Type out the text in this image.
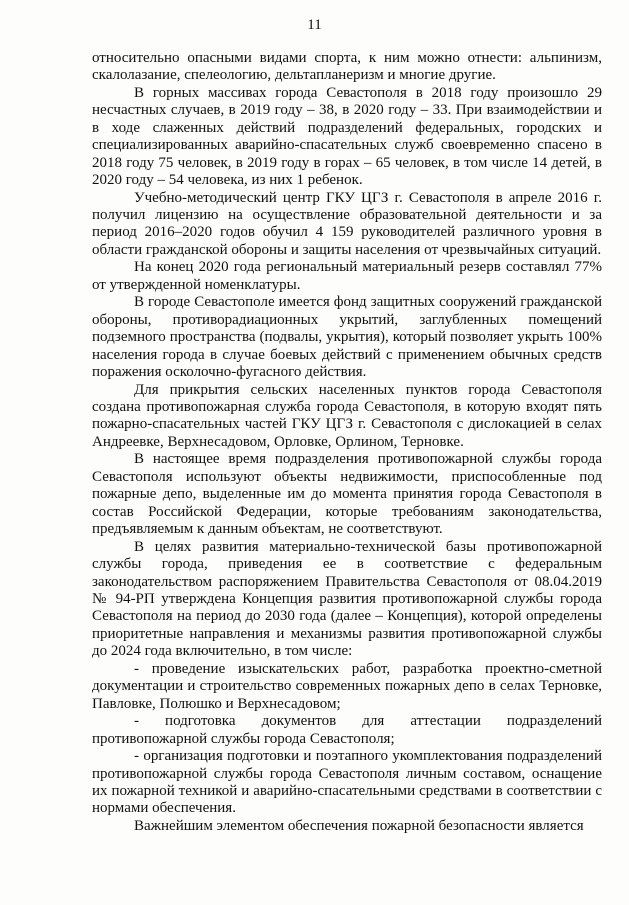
11

относительно опасными видами спорта, к ним можно отнести: альпинизм, скалолазание, спелеологию, дельтапланеризм и многие другие.

В горных массивах города Севастополя в 2018 году произошло 29 несчастных случаев, в 2019 году – 38, в 2020 году – 33. При взаимодействии и в ходе слаженных действий подразделений федеральных, городских и специализированных аварийно-спасательных служб своевременно спасено в 2018 году 75 человек, в 2019 году в горах – 65 человек, в том числе 14 детей, в 2020 году – 54 человека, из них 1 ребенок.

Учебно-методический центр ГКУ ЦГЗ г. Севастополя в апреле 2016 г. получил лицензию на осуществление образовательной деятельности и за период 2016–2020 годов обучил 4 159 руководителей различного уровня в области гражданской обороны и защиты населения от чрезвычайных ситуаций.

На конец 2020 года региональный материальный резерв составлял 77% от утвержденной номенклатуры.

В городе Севастополе имеется фонд защитных сооружений гражданской обороны, противорадиационных укрытий, заглубленных помещений подземного пространства (подвалы, укрытия), который позволяет укрыть 100% населения города в случае боевых действий с применением обычных средств поражения осколочно-фугасного действия.

Для прикрытия сельских населенных пунктов города Севастополя создана противопожарная служба города Севастополя, в которую входят пять пожарно-спасательных частей ГКУ ЦГЗ г. Севастополя с дислокацией в селах Андреевке, Верхнесадовом, Орловке, Орлином, Терновке.

В настоящее время подразделения противопожарной службы города Севастополя используют объекты недвижимости, приспособленные под пожарные депо, выделенные им до момента принятия города Севастополя в состав Российской Федерации, которые требованиям законодательства, предъявляемым к данным объектам, не соответствуют.

В целях развития материально-технической базы противопожарной службы города, приведения ее в соответствие с федеральным законодательством распоряжением Правительства Севастополя от 08.04.2019 № 94-РП утверждена Концепция развития противопожарной службы города Севастополя на период до 2030 года (далее – Концепция), которой определены приоритетные направления и механизмы развития противопожарной службы до 2024 года включительно, в том числе:

- проведение изыскательских работ, разработка проектно-сметной документации и строительство современных пожарных депо в селах Терновке, Павловке, Полюшко и Верхнесадовом;

- подготовка документов для аттестации подразделений противопожарной службы города Севастополя;

- организация подготовки и поэтапного укомплектования подразделений противопожарной службы города Севастополя личным составом, оснащение их пожарной техникой и аварийно-спасательными средствами в соответствии с нормами обеспечения.

Важнейшим элементом обеспечения пожарной безопасности является
